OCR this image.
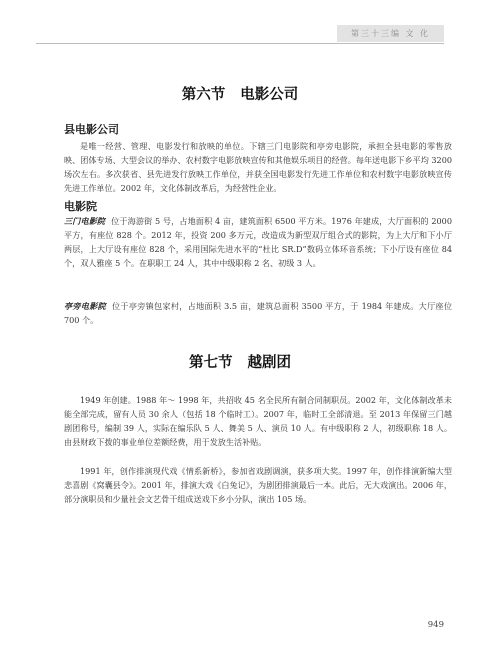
第三十三编 文 化
第六节 电影公司
县电影公司

是唯一经营、管理、电影发行和放映的单位。下辖三门电影院和亭旁电影院，承担全县电影的零售放映、团体专场、大型会议的举办、农村数字电影放映宣传和其他娱乐项目的经营。每年送电影下乡平均 3200 场次左右。多次获省、县先进发行放映工作单位，并获全国电影发行先进工作单位和农村数字电影放映宣传先进工作单位。2002 年，文化体制改革后，为经营性企业。

电影院

三门电影院 位于海游街 5 号，占地面积 4 亩，建筑面积 6500 平方米。1976 年建成，大厅面积的 2000 平方，有座位 828 个。2012 年，投资 200 多万元，改造成为新型双厅组合式的影院，为上大厅和下小厅两层，上大厅设有座位 828 个，采用国际先进水平的“杜比 SR.D”数码立体环音系统；下小厅设有座位 84 个，双人雅座 5 个。在职职工 24 人，其中中级职称 2 名、初级 3 人。

亭旁电影院 位于亭旁镇包家村，占地面积 3.5 亩，建筑总面积 3500 平方，于 1984 年建成。大厅座位 700 个。

第七节 越剧团

1949 年创建。1988 年～ 1998 年，共招收 45 名全民所有制合同制职员。2002 年，文化体制改革未能全部完成，留有人员 30 余人（包括 18 个临时工）。2007 年，临时工全部清退。至 2013 年保留三门越剧团称号，编制 39 人，实际在编乐队 5 人、舞美 5 人、演员 10 人。有中级职称 2 人，初级职称 18 人。由县财政下拨的事业单位差额经费，用于发放生活补贴。

1991 年，创作排演现代戏《情系新桥》，参加省戏剧调演，获多项大奖。1997 年，创作排演新编大型悲喜剧《窝囊县令》。2001 年，排演大戏《白兔记》，为剧团排演最后一本。此后，无大戏演出。2006 年，部分演职员和少量社会文艺骨干组成送戏下乡小分队，演出 105 场。

949
